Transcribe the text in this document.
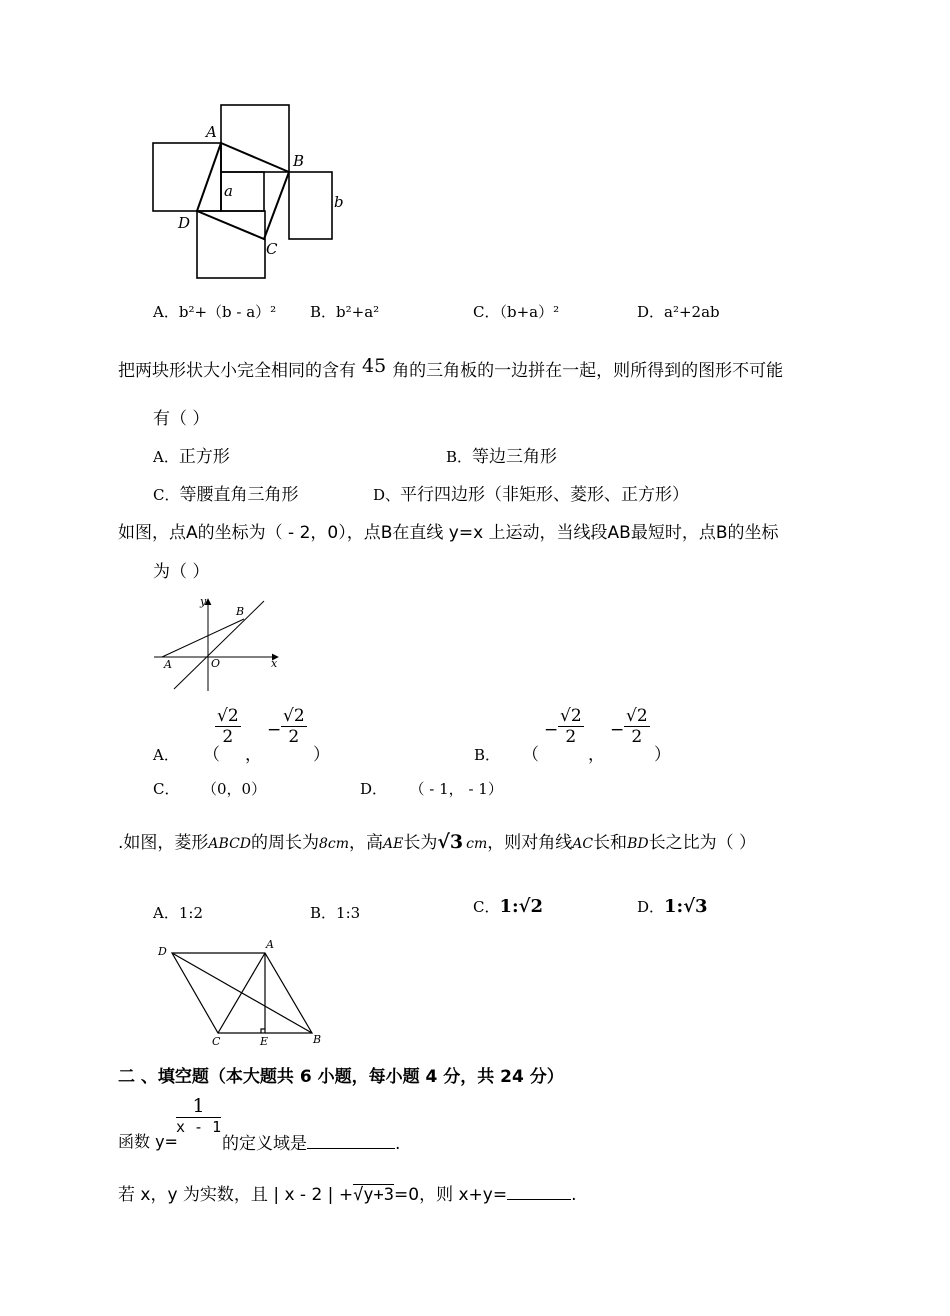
A
B
D
C
a
b
A．b²+（b - a）² B．b²+a²	C．（b+a）²	D．a²+2ab
把两块形状大小完全相同的含有 45 角的三角板的一边拼在一起，则所得到的图形不可能
有（ ）
A．正方形	B．等边三角形
C．等腰直角三角形	D、平行四边形（非矩形、菱形、正方形）
如图，点A的坐标为（ - 2，0），点B在直线 y=x 上运动，当线段AB最短时，点B的坐标
为（ ）
y
x
A	O
B
A． （
$\frac{√2}{2}$
，
− $\frac{√2}{2}$
）	B． （
− $\frac{√2}{2}$
，
− $\frac{√2}{2}$
）
C． （0，0）	D． （ - 1， - 1）
.如图，菱形ABCD的周长为8cm，高AE长为√3 cm，则对角线AC长和BD长之比为（ ）
A．1:2	B．1:3	C．1:√2	D．1:√3
D
A
C	E	B
二 、填空题（本大题共 6 小题，每小题 4 分，共 24 分）
函数 y=
1
x - 1
的定义域是	.
若 x，y 为实数，且 | x - 2 | +√y+3=0，则 x+y=	.
